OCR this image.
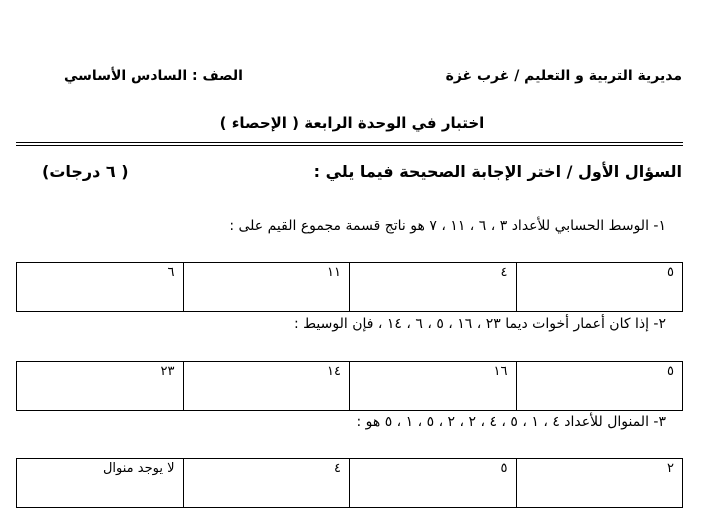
مديرية التربية و التعليم / غرب غزة
الصف : السادس الأساسي
اختبار في الوحدة الرابعة ( الإحصاء )
السؤال الأول / اختر الإجابة الصحيحة فيما يلي :
( ٦ درجات)
١- الوسط الحسابي للأعداد ٣ ، ٦ ، ١١ ، ٧ هو ناتج قسمة مجموع القيم على :
٥	٤	١١	٦
٢- إذا كان أعمار أخوات ديما ٢٣ ، ١٦ ، ٥ ، ٦ ، ١٤ ، فإن الوسيط :
٥	١٦	١٤	٢٣
٣- المنوال للأعداد ٤ ، ١ ، ٥ ، ٤ ، ٢ ، ٢ ، ٥ ، ١ ، ٥ هو :
٢	٥	٤	لا يوجد منوال
